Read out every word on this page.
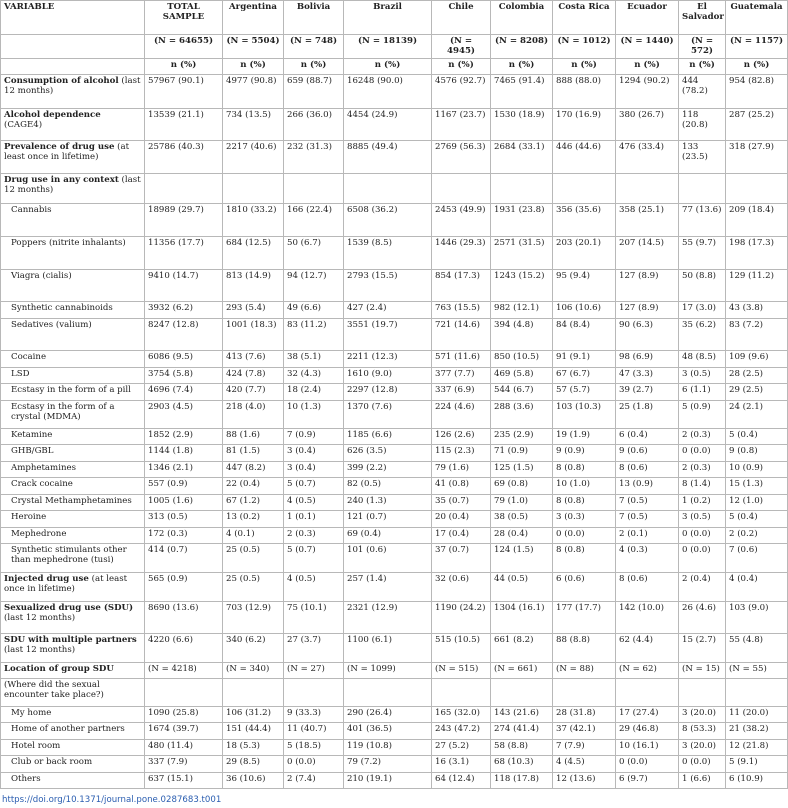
VARIABLE	TOTAL SAMPLE	Argentina	Bolivia	Brazil	Chile	Colombia	Costa Rica	Ecuador	El Salvador	Guatemala
	(N = 64655)	(N = 5504)	(N = 748)	(N = 18139)	(N = 4945)	(N = 8208)	(N = 1012)	(N = 1440)	(N = 572)	(N = 1157)
	n (%)	n (%)	n (%)	n (%)	n (%)	n (%)	n (%)	n (%)	n (%)	n (%)
Consumption of alcohol (last 12 months)	57967 (90.1)	4977 (90.8)	659 (88.7)	16248 (90.0)	4576 (92.7)	7465 (91.4)	888 (88.0)	1294 (90.2)	444 (78.2)	954 (82.8)
Alcohol dependence (CAGE4)	13539 (21.1)	734 (13.5)	266 (36.0)	4454 (24.9)	1167 (23.7)	1530 (18.9)	170 (16.9)	380 (26.7)	118 (20.8)	287 (25.2)
Prevalence of drug use (at least once in lifetime)	25786 (40.3)	2217 (40.6)	232 (31.3)	8885 (49.4)	2769 (56.3)	2684 (33.1)	446 (44.6)	476 (33.4)	133 (23.5)	318 (27.9)
Drug use in any context (last 12 months)										
Cannabis	18989 (29.7)	1810 (33.2)	166 (22.4)	6508 (36.2)	2453 (49.9)	1931 (23.8)	356 (35.6)	358 (25.1)	77 (13.6)	209 (18.4)
Poppers (nitrite inhalants)	11356 (17.7)	684 (12.5)	50 (6.7)	1539 (8.5)	1446 (29.3)	2571 (31.5)	203 (20.1)	207 (14.5)	55 (9.7)	198 (17.3)
Viagra (cialis)	9410 (14.7)	813 (14.9)	94 (12.7)	2793 (15.5)	854 (17.3)	1243 (15.2)	95 (9.4)	127 (8.9)	50 (8.8)	129 (11.2)
Synthetic cannabinoids	3932 (6.2)	293 (5.4)	49 (6.6)	427 (2.4)	763 (15.5)	982 (12.1)	106 (10.6)	127 (8.9)	17 (3.0)	43 (3.8)
Sedatives (valium)	8247 (12.8)	1001 (18.3)	83 (11.2)	3551 (19.7)	721 (14.6)	394 (4.8)	84 (8.4)	90 (6.3)	35 (6.2)	83 (7.2)
Cocaine	6086 (9.5)	413 (7.6)	38 (5.1)	2211 (12.3)	571 (11.6)	850 (10.5)	91 (9.1)	98 (6.9)	48 (8.5)	109 (9.6)
LSD	3754 (5.8)	424 (7.8)	32 (4.3)	1610 (9.0)	377 (7.7)	469 (5.8)	67 (6.7)	47 (3.3)	3 (0.5)	28 (2.5)
Ecstasy in the form of a pill	4696 (7.4)	420 (7.7)	18 (2.4)	2297 (12.8)	337 (6.9)	544 (6.7)	57 (5.7)	39 (2.7)	6 (1.1)	29 (2.5)
Ecstasy in the form of a crystal (MDMA)	2903 (4.5)	218 (4.0)	10 (1.3)	1370 (7.6)	224 (4.6)	288 (3.6)	103 (10.3)	25 (1.8)	5 (0.9)	24 (2.1)
Ketamine	1852 (2.9)	88 (1.6)	7 (0.9)	1185 (6.6)	126 (2.6)	235 (2.9)	19 (1.9)	6 (0.4)	2 (0.3)	5 (0.4)
GHB/GBL	1144 (1.8)	81 (1.5)	3 (0.4)	626 (3.5)	115 (2.3)	71 (0.9)	9 (0.9)	9 (0.6)	0 (0.0)	9 (0.8)
Amphetamines	1346 (2.1)	447 (8.2)	3 (0.4)	399 (2.2)	79 (1.6)	125 (1.5)	8 (0.8)	8 (0.6)	2 (0.3)	10 (0.9)
Crack cocaine	557 (0.9)	22 (0.4)	5 (0.7)	82 (0.5)	41 (0.8)	69 (0.8)	10 (1.0)	13 (0.9)	8 (1.4)	15 (1.3)
Crystal Methamphetamines	1005 (1.6)	67 (1.2)	4 (0.5)	240 (1.3)	35 (0.7)	79 (1.0)	8 (0.8)	7 (0.5)	1 (0.2)	12 (1.0)
Heroine	313 (0.5)	13 (0.2)	1 (0.1)	121 (0.7)	20 (0.4)	38 (0.5)	3 (0.3)	7 (0.5)	3 (0.5)	5 (0.4)
Mephedrone	172 (0.3)	4 (0.1)	2 (0.3)	69 (0.4)	17 (0.4)	28 (0.4)	0 (0.0)	2 (0.1)	0 (0.0)	2 (0.2)
Synthetic stimulants other than mephedrone (tusi)	414 (0.7)	25 (0.5)	5 (0.7)	101 (0.6)	37 (0.7)	124 (1.5)	8 (0.8)	4 (0.3)	0 (0.0)	7 (0.6)
Injected drug use (at least once in lifetime)	565 (0.9)	25 (0.5)	4 (0.5)	257 (1.4)	32 (0.6)	44 (0.5)	6 (0.6)	8 (0.6)	2 (0.4)	4 (0.4)
Sexualized drug use (SDU) (last 12 months)	8690 (13.6)	703 (12.9)	75 (10.1)	2321 (12.9)	1190 (24.2)	1304 (16.1)	177 (17.7)	142 (10.0)	26 (4.6)	103 (9.0)
SDU with multiple partners (last 12 months)	4220 (6.6)	340 (6.2)	27 (3.7)	1100 (6.1)	515 (10.5)	661 (8.2)	88 (8.8)	62 (4.4)	15 (2.7)	55 (4.8)
Location of group SDU	(N = 4218)	(N = 340)	(N = 27)	(N = 1099)	(N = 515)	(N = 661)	(N = 88)	(N = 62)	(N = 15)	(N = 55)
(Where did the sexual encounter take place?)										
My home	1090 (25.8)	106 (31.2)	9 (33.3)	290 (26.4)	165 (32.0)	143 (21.6)	28 (31.8)	17 (27.4)	3 (20.0)	11 (20.0)
Home of another partners	1674 (39.7)	151 (44.4)	11 (40.7)	401 (36.5)	243 (47.2)	274 (41.4)	37 (42.1)	29 (46.8)	8 (53.3)	21 (38.2)
Hotel room	480 (11.4)	18 (5.3)	5 (18.5)	119 (10.8)	27 (5.2)	58 (8.8)	7 (7.9)	10 (16.1)	3 (20.0)	12 (21.8)
Club or back room	337 (7.9)	29 (8.5)	0 (0.0)	79 (7.2)	16 (3.1)	68 (10.3)	4 (4.5)	0 (0.0)	0 (0.0)	5 (9.1)
Others	637 (15.1)	36 (10.6)	2 (7.4)	210 (19.1)	64 (12.4)	118 (17.8)	12 (13.6)	6 (9.7)	1 (6.6)	6 (10.9)
https://doi.org/10.1371/journal.pone.0287683.t001
